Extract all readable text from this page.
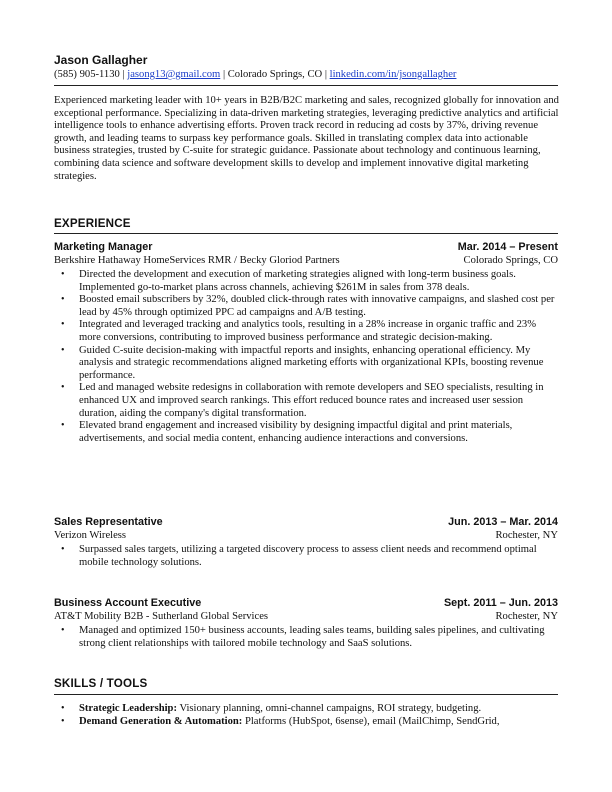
Jason Gallagher
(585) 905-1130 | jasong13@gmail.com | Colorado Springs, CO | linkedin.com/in/jsongallagher
Experienced marketing leader with 10+ years in B2B/B2C marketing and sales, recognized globally for innovation and exceptional performance. Specializing in data-driven marketing strategies, leveraging predictive analytics and artificial intelligence tools to enhance advertising efforts. Proven track record in reducing ad costs by 37%, driving revenue growth, and leading teams to surpass key performance goals. Skilled in translating complex data into actionable business strategies, trusted by C-suite for strategic guidance. Passionate about technology and continuous learning, combining data science and software development skills to develop and implement innovative digital marketing strategies.
EXPERIENCE
Marketing Manager	Mar. 2014 – Present
Berkshire Hathaway HomeServices RMR / Becky Gloriod Partners	Colorado Springs, CO
• Directed the development and execution of marketing strategies aligned with long-term business goals. Implemented go-to-market plans across channels, achieving $261M in sales from 378 deals.
• Boosted email subscribers by 32%, doubled click-through rates with innovative campaigns, and slashed cost per lead by 45% through optimized PPC ad campaigns and A/B testing.
• Integrated and leveraged tracking and analytics tools, resulting in a 28% increase in organic traffic and 23% more conversions, contributing to improved business performance and strategic decision-making.
• Guided C-suite decision-making with impactful reports and insights, enhancing operational efficiency. My analysis and strategic recommendations aligned marketing efforts with organizational KPIs, boosting revenue performance.
• Led and managed website redesigns in collaboration with remote developers and SEO specialists, resulting in enhanced UX and improved search rankings. This effort reduced bounce rates and increased user session duration, aiding the company's digital transformation.
• Elevated brand engagement and increased visibility by designing impactful digital and print materials, advertisements, and social media content, enhancing audience interactions and conversions.
Sales Representative	Jun. 2013 – Mar. 2014
Verizon Wireless	Rochester, NY
• Surpassed sales targets, utilizing a targeted discovery process to assess client needs and recommend optimal mobile technology solutions.
Business Account Executive	Sept. 2011 – Jun. 2013
AT&T Mobility B2B - Sutherland Global Services	Rochester, NY
• Managed and optimized 150+ business accounts, leading sales teams, building sales pipelines, and cultivating strong client relationships with tailored mobile technology and SaaS solutions.
SKILLS / TOOLS
• Strategic Leadership: Visionary planning, omni-channel campaigns, ROI strategy, budgeting.
• Demand Generation & Automation: Platforms (HubSpot, 6sense), email (MailChimp, SendGrid,
